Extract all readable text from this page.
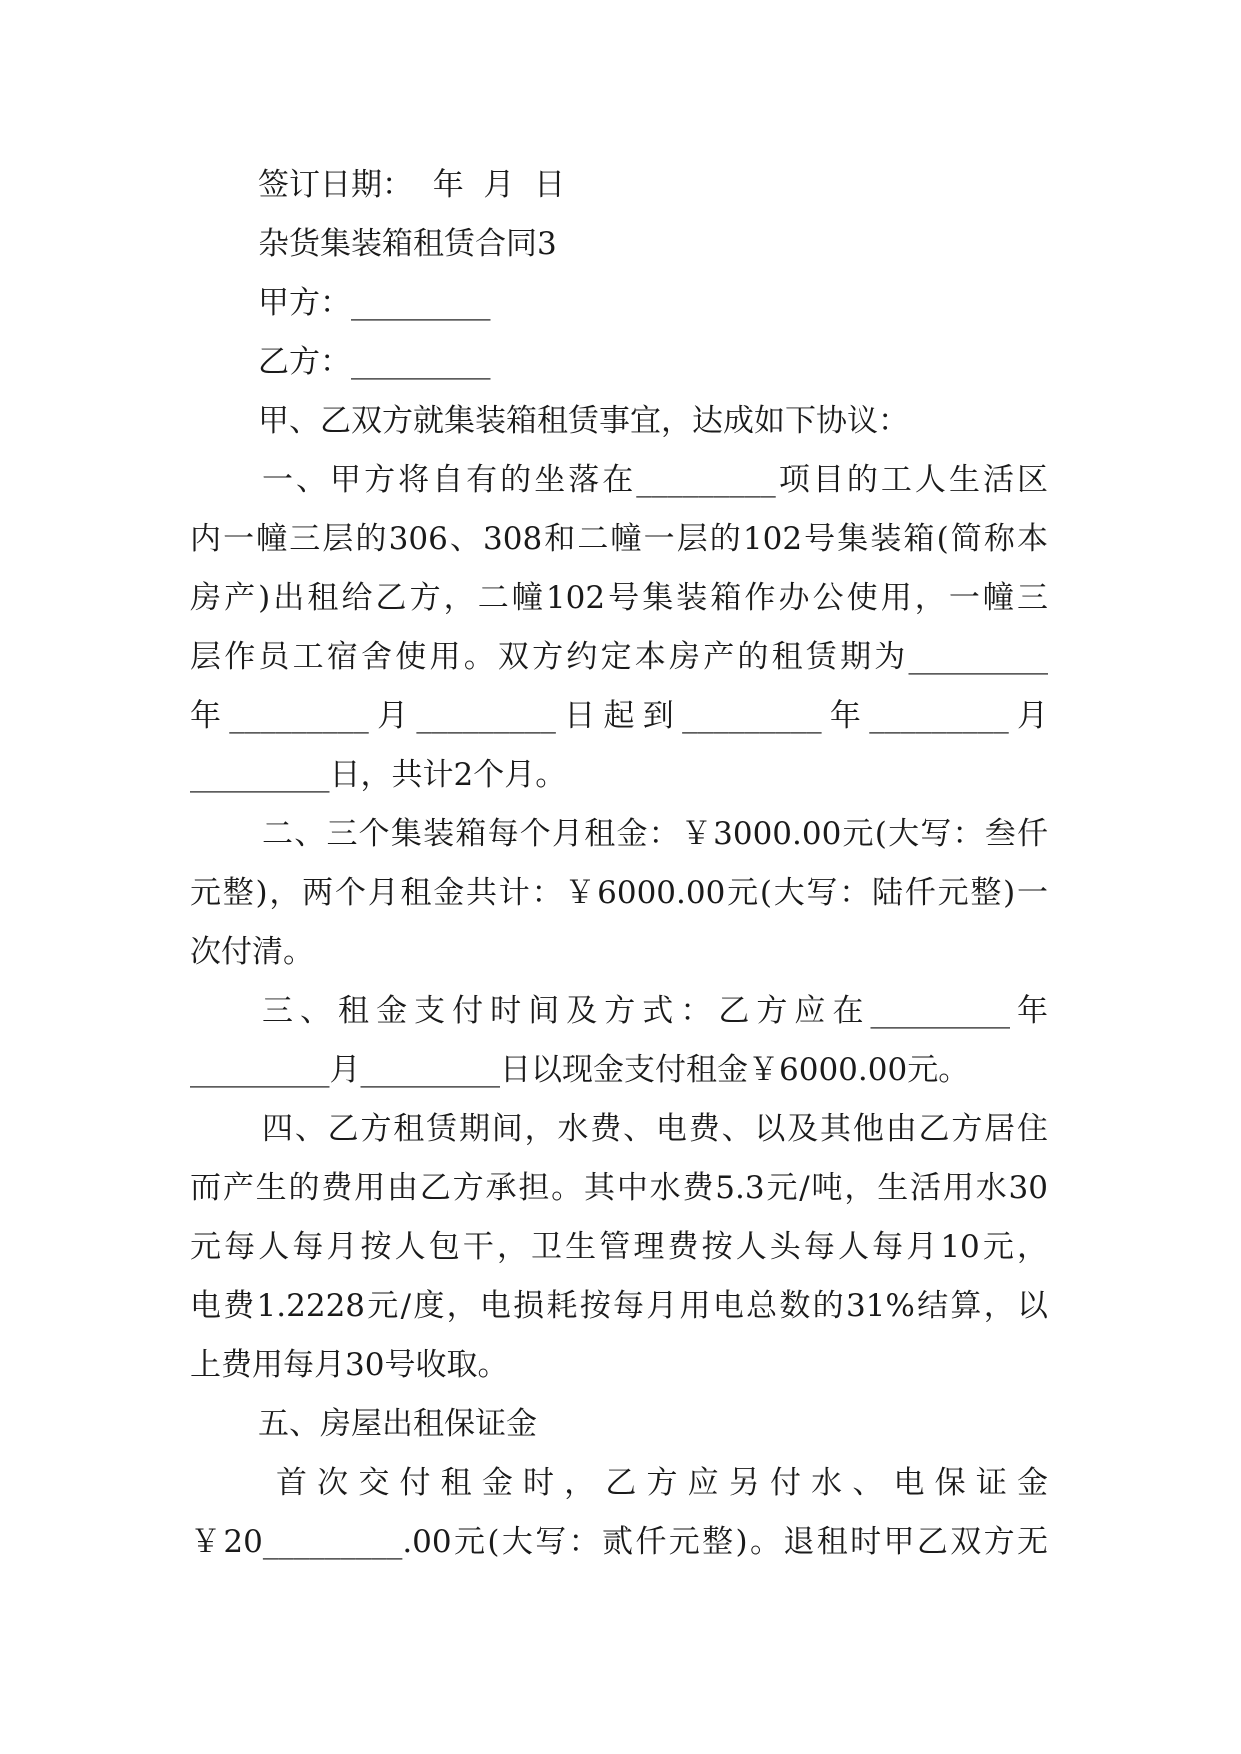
签订日期：  年  月  日
杂货集装箱租赁合同3
甲方：_________
乙方：_________
甲、乙双方就集装箱租赁事宜，达成如下协议：
一、甲方将自有的坐落在_________项目的工人生活区
内一幢三层的306、308和二幢一层的102号集装箱(简称本
房产)出租给乙方，二幢102号集装箱作办公使用，一幢三
层作员工宿舍使用。双方约定本房产的租赁期为_________
年_________月_________日起到_________年_________月
_________日，共计2个月。
二、三个集装箱每个月租金：￥3000.00元(大写：叁仟
元整)，两个月租金共计：￥6000.00元(大写：陆仟元整)一
次付清。
三、租金支付时间及方式：乙方应在_________年
_________月_________日以现金支付租金￥6000.00元。
四、乙方租赁期间，水费、电费、以及其他由乙方居住
而产生的费用由乙方承担。其中水费5.3元/吨，生活用水30
元每人每月按人包干，卫生管理费按人头每人每月10元，
电费1.2228元/度，电损耗按每月用电总数的31%结算，以
上费用每月30号收取。
五、房屋出租保证金
首次交付租金时，乙方应另付水、电保证金
￥20_________.00元(大写：贰仟元整)。退租时甲乙双方无
